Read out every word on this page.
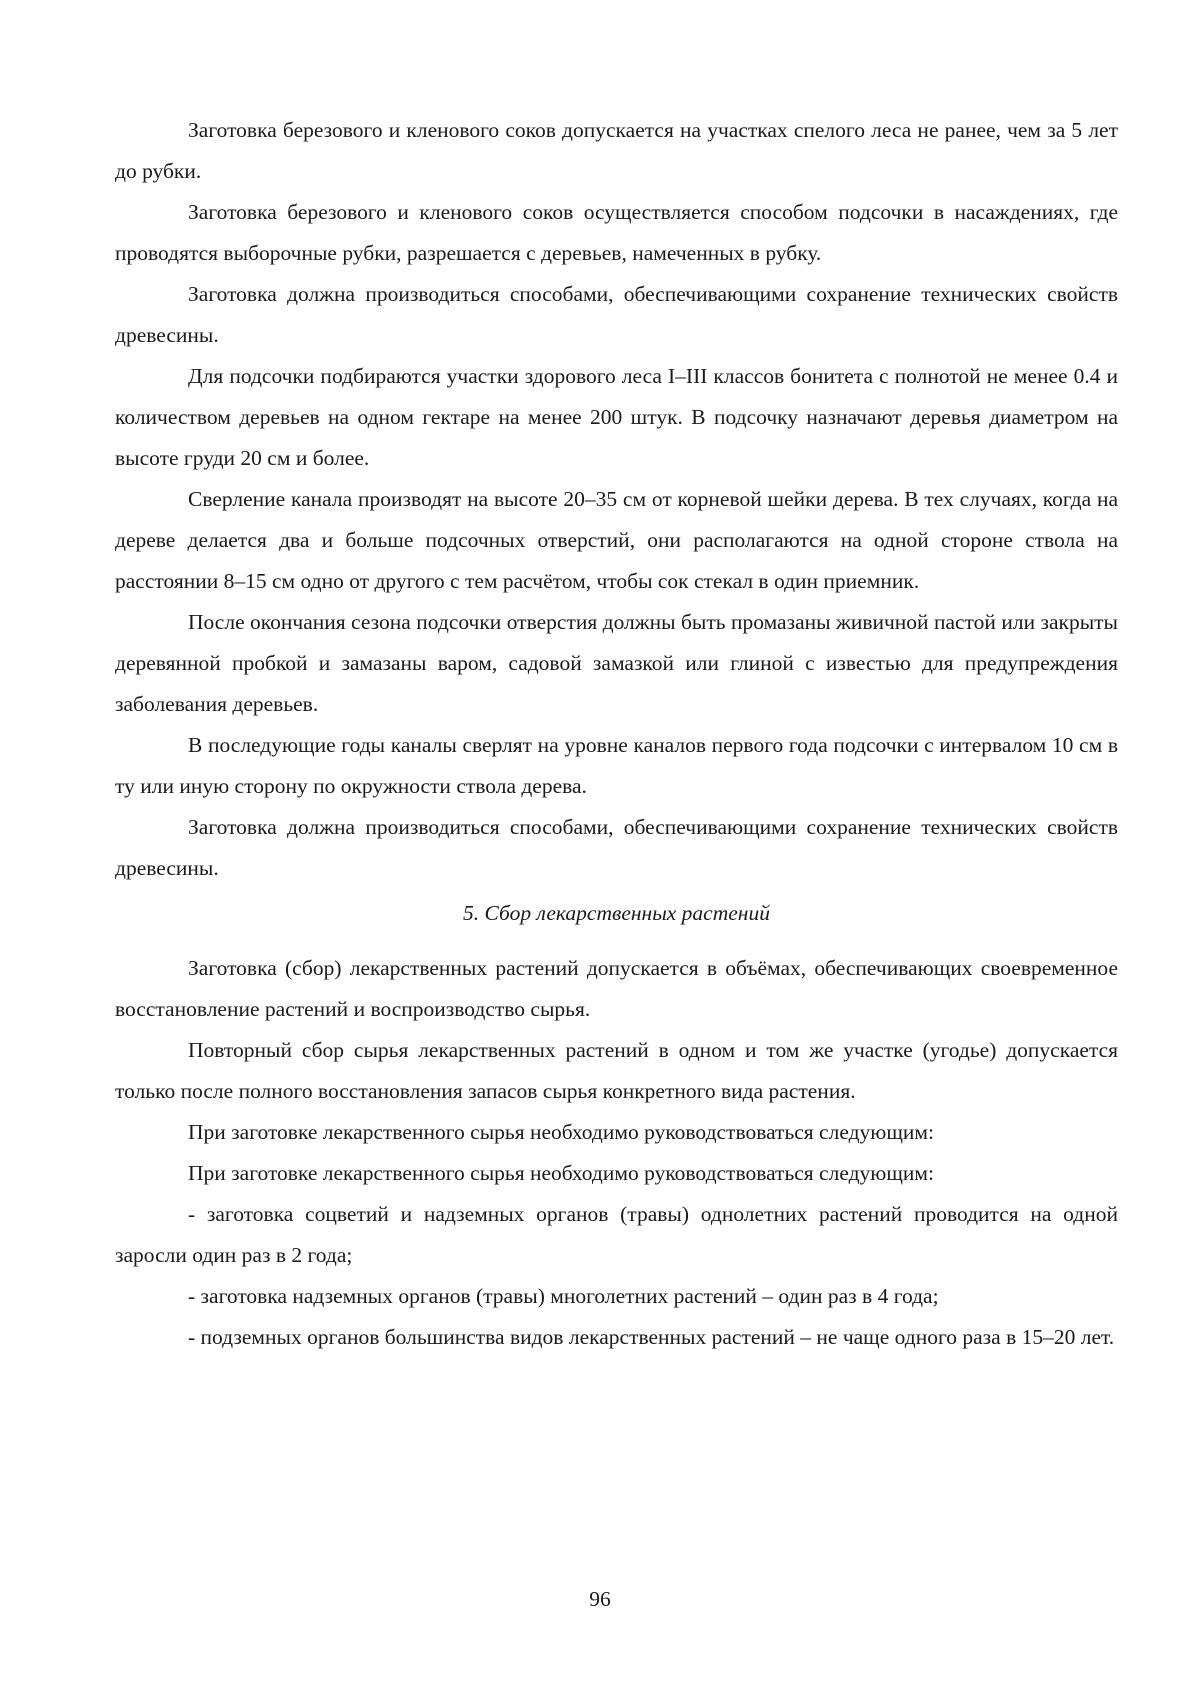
Заготовка березового и кленового соков допускается на участках спелого леса не ранее, чем за 5 лет до рубки.

Заготовка березового и кленового соков осуществляется способом подсочки в насаждениях, где проводятся выборочные рубки, разрешается с деревьев, намеченных в рубку.

Заготовка должна производиться способами, обеспечивающими сохранение технических свойств древесины.

Для подсочки подбираются участки здорового леса I–III классов бонитета с полнотой не менее 0.4 и количеством деревьев на одном гектаре на менее 200 штук. В подсочку назначают деревья диаметром на высоте груди 20 см и более.

Сверление канала производят на высоте 20–35 см от корневой шейки дерева. В тех случаях, когда на дереве делается два и больше подсочных отверстий, они располагаются на одной стороне ствола на расстоянии 8–15 см одно от другого с тем расчётом, чтобы сок стекал в один приемник.

После окончания сезона подсочки отверстия должны быть промазаны живичной пастой или закрыты деревянной пробкой и замазаны варом, садовой замазкой или глиной с известью для предупреждения заболевания деревьев.

В последующие годы каналы сверлят на уровне каналов первого года подсочки с интервалом 10 см в ту или иную сторону по окружности ствола дерева.

Заготовка должна производиться способами, обеспечивающими сохранение технических свойств древесины.

5. Сбор лекарственных растений

Заготовка (сбор) лекарственных растений допускается в объёмах, обеспечивающих своевременное восстановление растений и воспроизводство сырья.

Повторный сбор сырья лекарственных растений в одном и том же участке (угодье) допускается только после полного восстановления запасов сырья конкретного вида растения.

При заготовке лекарственного сырья необходимо руководствоваться следующим:

При заготовке лекарственного сырья необходимо руководствоваться следующим:

- заготовка соцветий и надземных органов (травы) однолетних растений проводится на одной заросли один раз в 2 года;

- заготовка надземных органов (травы) многолетних растений – один раз в 4 года;

- подземных органов большинства видов лекарственных растений – не чаще одного раза в 15–20 лет.

96
